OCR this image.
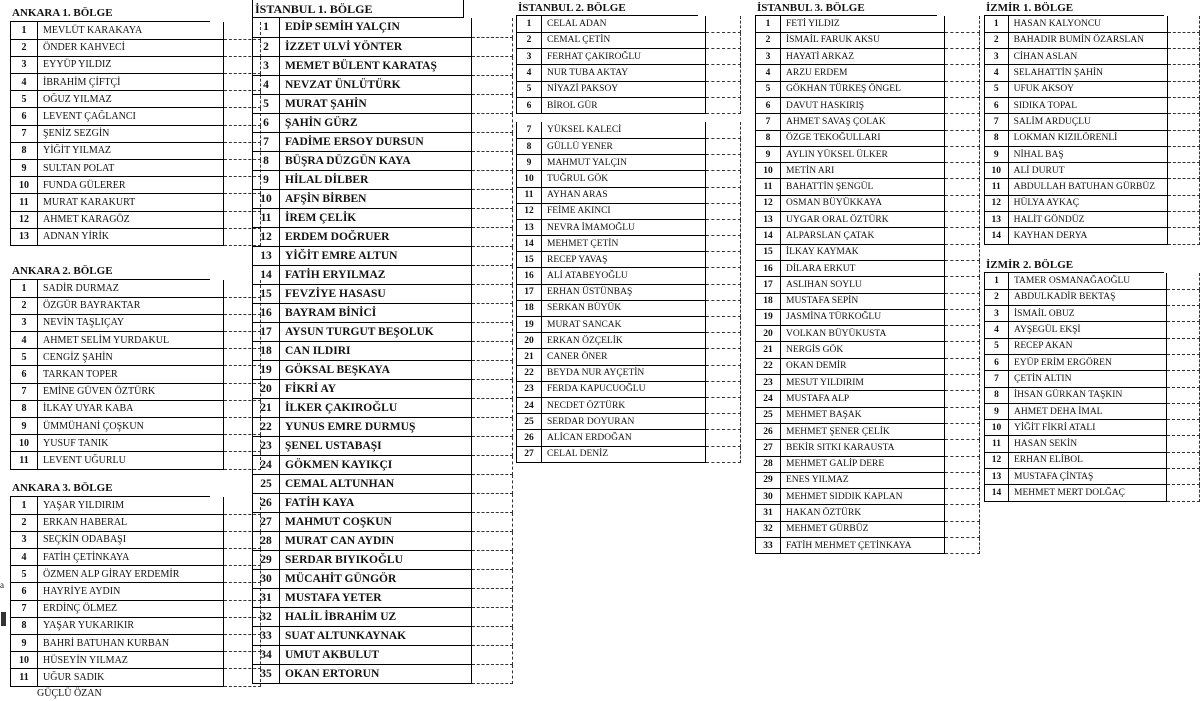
a
ANKARA 1. BÖLGE
1	MEVLÜT KARAKAYA	
2	ÖNDER KAHVECİ	
3	EYYÜP YILDIZ	
4	İBRAHİM ÇİFTÇİ	
5	OĞUZ YILMAZ	
6	LEVENT ÇAĞLANCI	
7	ŞENİZ SEZGİN	
8	YİĞİT YILMAZ	
9	SULTAN POLAT	
10	FUNDA GÜLERER	
11	MURAT KARAKURT	
12	AHMET KARAGÖZ	
13	ADNAN YİRİK	
ANKARA 2. BÖLGE
1	SADİR DURMAZ	
2	ÖZGÜR BAYRAKTAR	
3	NEVİN TAŞLIÇAY	
4	AHMET SELİM YURDAKUL	
5	CENGİZ ŞAHİN	
6	TARKAN TOPER	
7	EMİNE GÜVEN ÖZTÜRK	
8	İLKAY UYAR KABA	
9	ÜMMÜHANİ ÇOŞKUN	
10	YUSUF TANIK	
11	LEVENT UĞURLU	
ANKARA 3. BÖLGE
1	YAŞAR YILDIRIM	
2	ERKAN HABERAL	
3	SEÇKİN ODABAŞI	
4	FATİH ÇETİNKAYA	
5	ÖZMEN ALP GİRAY ERDEMİR	
6	HAYRİYE AYDIN	
7	ERDİNÇ ÖLMEZ	
8	YAŞAR YUKARIKIR	
9	BAHRİ BATUHAN KURBAN	
10	HÜSEYİN YILMAZ	
11	UĞUR SADIK	
GÜÇLÜ ÖZAN
İSTANBUL 1. BÖLGE
1	EDİP SEMİH YALÇIN	
2	İZZET ULVİ YÖNTER	
3	MEMET BÜLENT KARATAŞ	
4	NEVZAT ÜNLÜTÜRK	
5	MURAT ŞAHİN	
6	ŞAHİN GÜRZ	
7	FADİME ERSOY DURSUN	
8	BÜŞRA DÜZGÜN KAYA	
9	HİLAL DİLBER	
10	AFŞİN BİRBEN	
11	İREM ÇELİK	
12	ERDEM DOĞRUER	
13	YİĞİT EMRE ALTUN	
14	FATİH ERYILMAZ	
15	FEVZİYE HASASU	
16	BAYRAM BİNİCİ	
17	AYSUN TURGUT BEŞOLUK	
18	CAN ILDIRI	
19	GÖKSAL BEŞKAYA	
20	FİKRİ AY	
21	İLKER ÇAKIROĞLU	
22	YUNUS EMRE DURMUŞ	
23	ŞENEL USTABAŞI	
24	GÖKMEN KAYIKÇI	
25	CEMAL ALTUNHAN	
26	FATİH KAYA	
27	MAHMUT COŞKUN	
28	MURAT CAN AYDIN	
29	SERDAR BIYIKOĞLU	
30	MÜCAHİT GÜNGÖR	
31	MUSTAFA YETER	
32	HALİL İBRAHİM UZ	
33	SUAT ALTUNKAYNAK	
34	UMUT AKBULUT	
35	OKAN ERTORUN	
İSTANBUL 2. BÖLGE
1	CELAL ADAN	
2	CEMAL ÇETİN	
3	FERHAT ÇAKIROĞLU	
4	NUR TUBA AKTAY	
5	NİYAZİ PAKSOY	
6	BİROL GÜR	
7	YÜKSEL KALECİ	
8	GÜLLÜ YENER	
9	MAHMUT YALÇIN	
10	TUĞRUL GÖK	
11	AYHAN ARAS	
12	FEİME AKINCI	
13	NEVRA İMAMOĞLU	
14	MEHMET ÇETİN	
15	RECEP YAVAŞ	
16	ALİ ATABEYOĞLU	
17	ERHAN ÜSTÜNBAŞ	
18	SERKAN BÜYÜK	
19	MURAT SANCAK	
20	ERKAN ÖZÇELİK	
21	CANER ÖNER	
22	BEYDA NUR AYÇETİN	
23	FERDA KAPUCUOĞLU	
24	NECDET ÖZTÜRK	
25	SERDAR DOYURAN	
26	ALİCAN ERDOĞAN	
27	CELAL DENİZ	
İSTANBUL 3. BÖLGE
1	FETİ YILDIZ	
2	İSMAİL FARUK AKSU	
3	HAYATİ ARKAZ	
4	ARZU ERDEM	
5	GÖKHAN TÜRKEŞ ÖNGEL	
6	DAVUT HASKIRIŞ	
7	AHMET SAVAŞ ÇOLAK	
8	ÖZGE TEKOĞULLARI	
9	AYLIN YÜKSEL ÜLKER	
10	METİN ARI	
11	BAHATTİN ŞENGÜL	
12	OSMAN BÜYÜKKAYA	
13	UYGAR ORAL ÖZTÜRK	
14	ALPARSLAN ÇATAK	
15	İLKAY KAYMAK	
16	DİLARA ERKUT	
17	ASLIHAN SOYLU	
18	MUSTAFA SEPİN	
19	JASMİNA TÜRKOĞLU	
20	VOLKAN BÜYÜKUSTA	
21	NERGİS GÖK	
22	OKAN DEMİR	
23	MESUT YILDIRIM	
24	MUSTAFA ALP	
25	MEHMET BAŞAK	
26	MEHMET ŞENER ÇELİK	
27	BEKİR SITKI KARAUSTA	
28	MEHMET GALİP DERE	
29	ENES YILMAZ	
30	MEHMET SIDDIK KAPLAN	
31	HAKAN ÖZTÜRK	
32	MEHMET GÜRBÜZ	
33	FATİH MEHMET ÇETİNKAYA	
İZMİR 1. BÖLGE
1	HASAN KALYONCU	
2	BAHADIR BUMİN ÖZARSLAN	
3	CİHAN ASLAN	
4	SELAHATTİN ŞAHİN	
5	UFUK AKSOY	
6	SIDIKA TOPAL	
7	SALİM ARDUÇLU	
8	LOKMAN KIZILÖRENLİ	
9	NİHAL BAŞ	
10	ALİ DURUT	
11	ABDULLAH BATUHAN GÜRBÜZ	
12	HÜLYA AYKAÇ	
13	HALİT GÖNDÜZ	
14	KAYHAN DERYA	
İZMİR 2. BÖLGE
1	TAMER OSMANAĞAOĞLU	
2	ABDULKADİR BEKTAŞ	
3	İSMAİL OBUZ	
4	AYŞEGÜL EKŞİ	
5	RECEP AKAN	
6	EYÜP ERİM ERGÖREN	
7	ÇETİN ALTIN	
8	İHSAN GÜRKAN TAŞKIN	
9	AHMET DEHA İMAL	
10	YİĞİT FİKRİ ATALI	
11	HASAN SEKİN	
12	ERHAN ELİBOL	
13	MUSTAFA ÇİNTAŞ	
14	MEHMET MERT DOLĞAÇ	
